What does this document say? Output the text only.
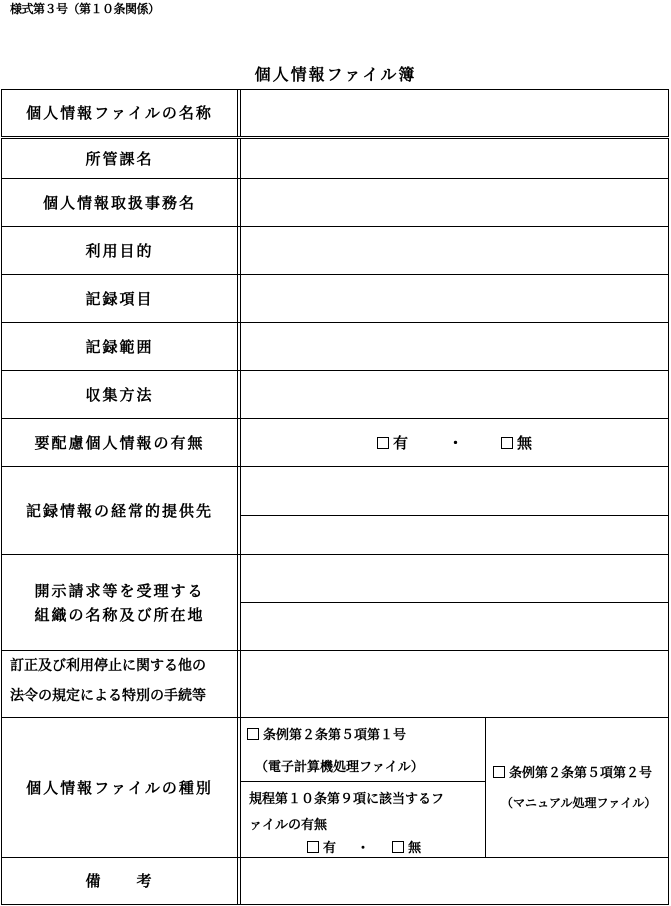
様式第３号（第１０条関係）
個人情報ファイル簿
個人情報ファイルの名称
所管課名
個人情報取扱事務名
利用目的
記録項目
記録範囲
収集方法
要配慮個人情報の有無	有	・	無
記録情報の経常的提供先
開示請求等を受理する
組織の名称及び所在地
訂正及び利用停止に関する他の
法令の規定による特別の手続等
個人情報ファイルの種別
条例第２条第５項第１号
（電子計算機処理ファイル）
規程第１０条第９項に該当するフ
ァイルの有無
有 ・	無
条例第２条第５項第２号
（マニュアル処理ファイル）
備　　考
